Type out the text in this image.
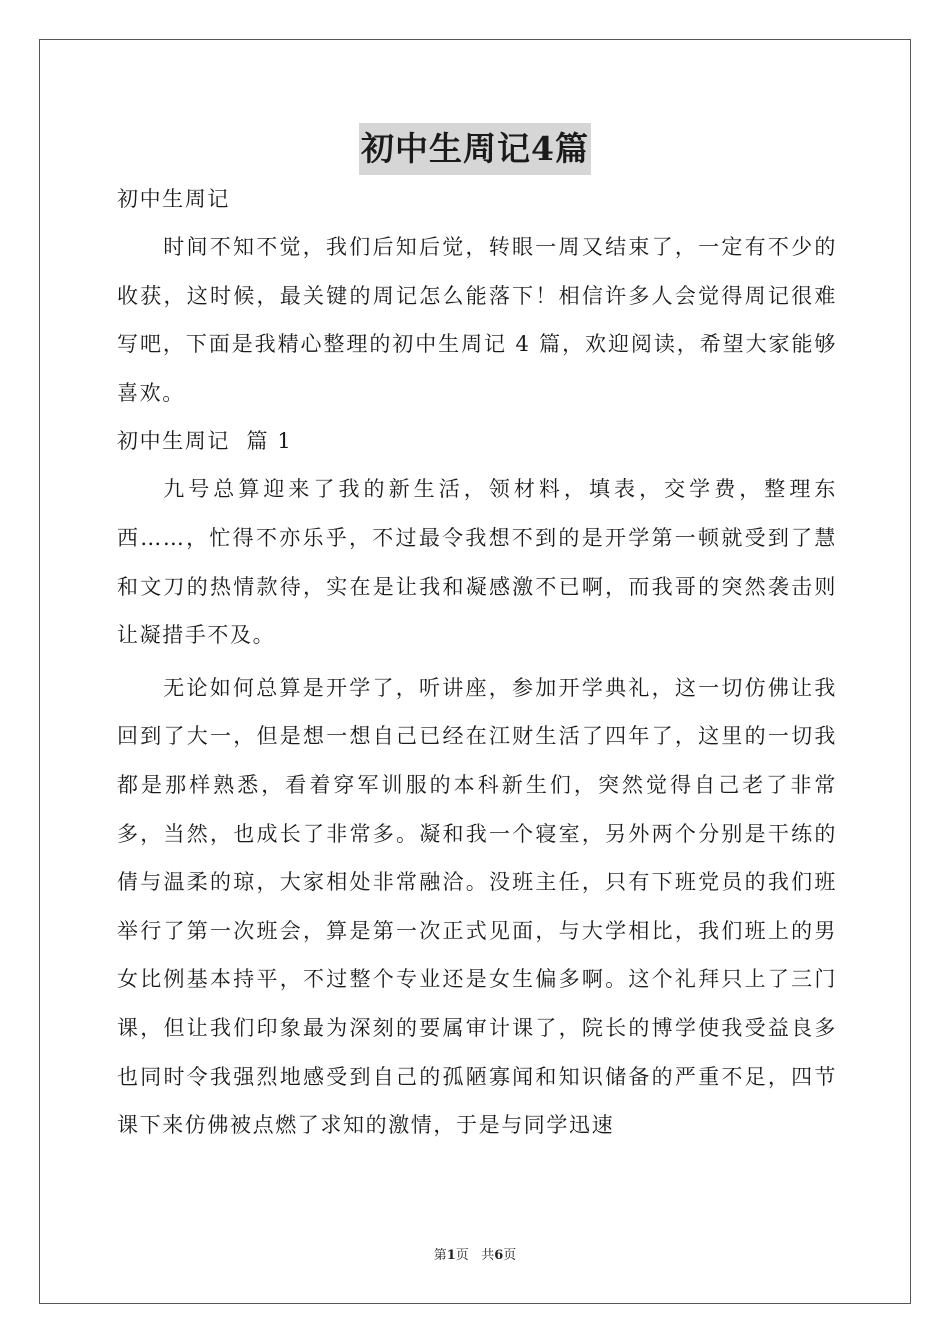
初中生周记4篇

初中生周记

时间不知不觉，我们后知后觉，转眼一周又结束了，一定有不少的收获，这时候，最关键的周记怎么能落下！相信许多人会觉得周记很难写吧，下面是我精心整理的初中生周记 4 篇，欢迎阅读，希望大家能够喜欢。

初中生周记  篇 1

九号总算迎来了我的新生活，领材料，填表，交学费，整理东西……，忙得不亦乐乎，不过最令我想不到的是开学第一顿就受到了慧和文刀的热情款待，实在是让我和凝感激不已啊，而我哥的突然袭击则让凝措手不及。

无论如何总算是开学了，听讲座，参加开学典礼，这一切仿佛让我回到了大一，但是想一想自己已经在江财生活了四年了，这里的一切我都是那样熟悉，看着穿军训服的本科新生们，突然觉得自己老了非常多，当然，也成长了非常多。凝和我一个寝室，另外两个分别是干练的倩与温柔的琼，大家相处非常融洽。没班主任，只有下班党员的我们班举行了第一次班会，算是第一次正式见面，与大学相比，我们班上的男女比例基本持平，不过整个专业还是女生偏多啊。这个礼拜只上了三门课，但让我们印象最为深刻的要属审计课了，院长的博学使我受益良多也同时令我强烈地感受到自己的孤陋寡闻和知识储备的严重不足，四节课下来仿佛被点燃了求知的激情，于是与同学迅速

第1页 共6页
